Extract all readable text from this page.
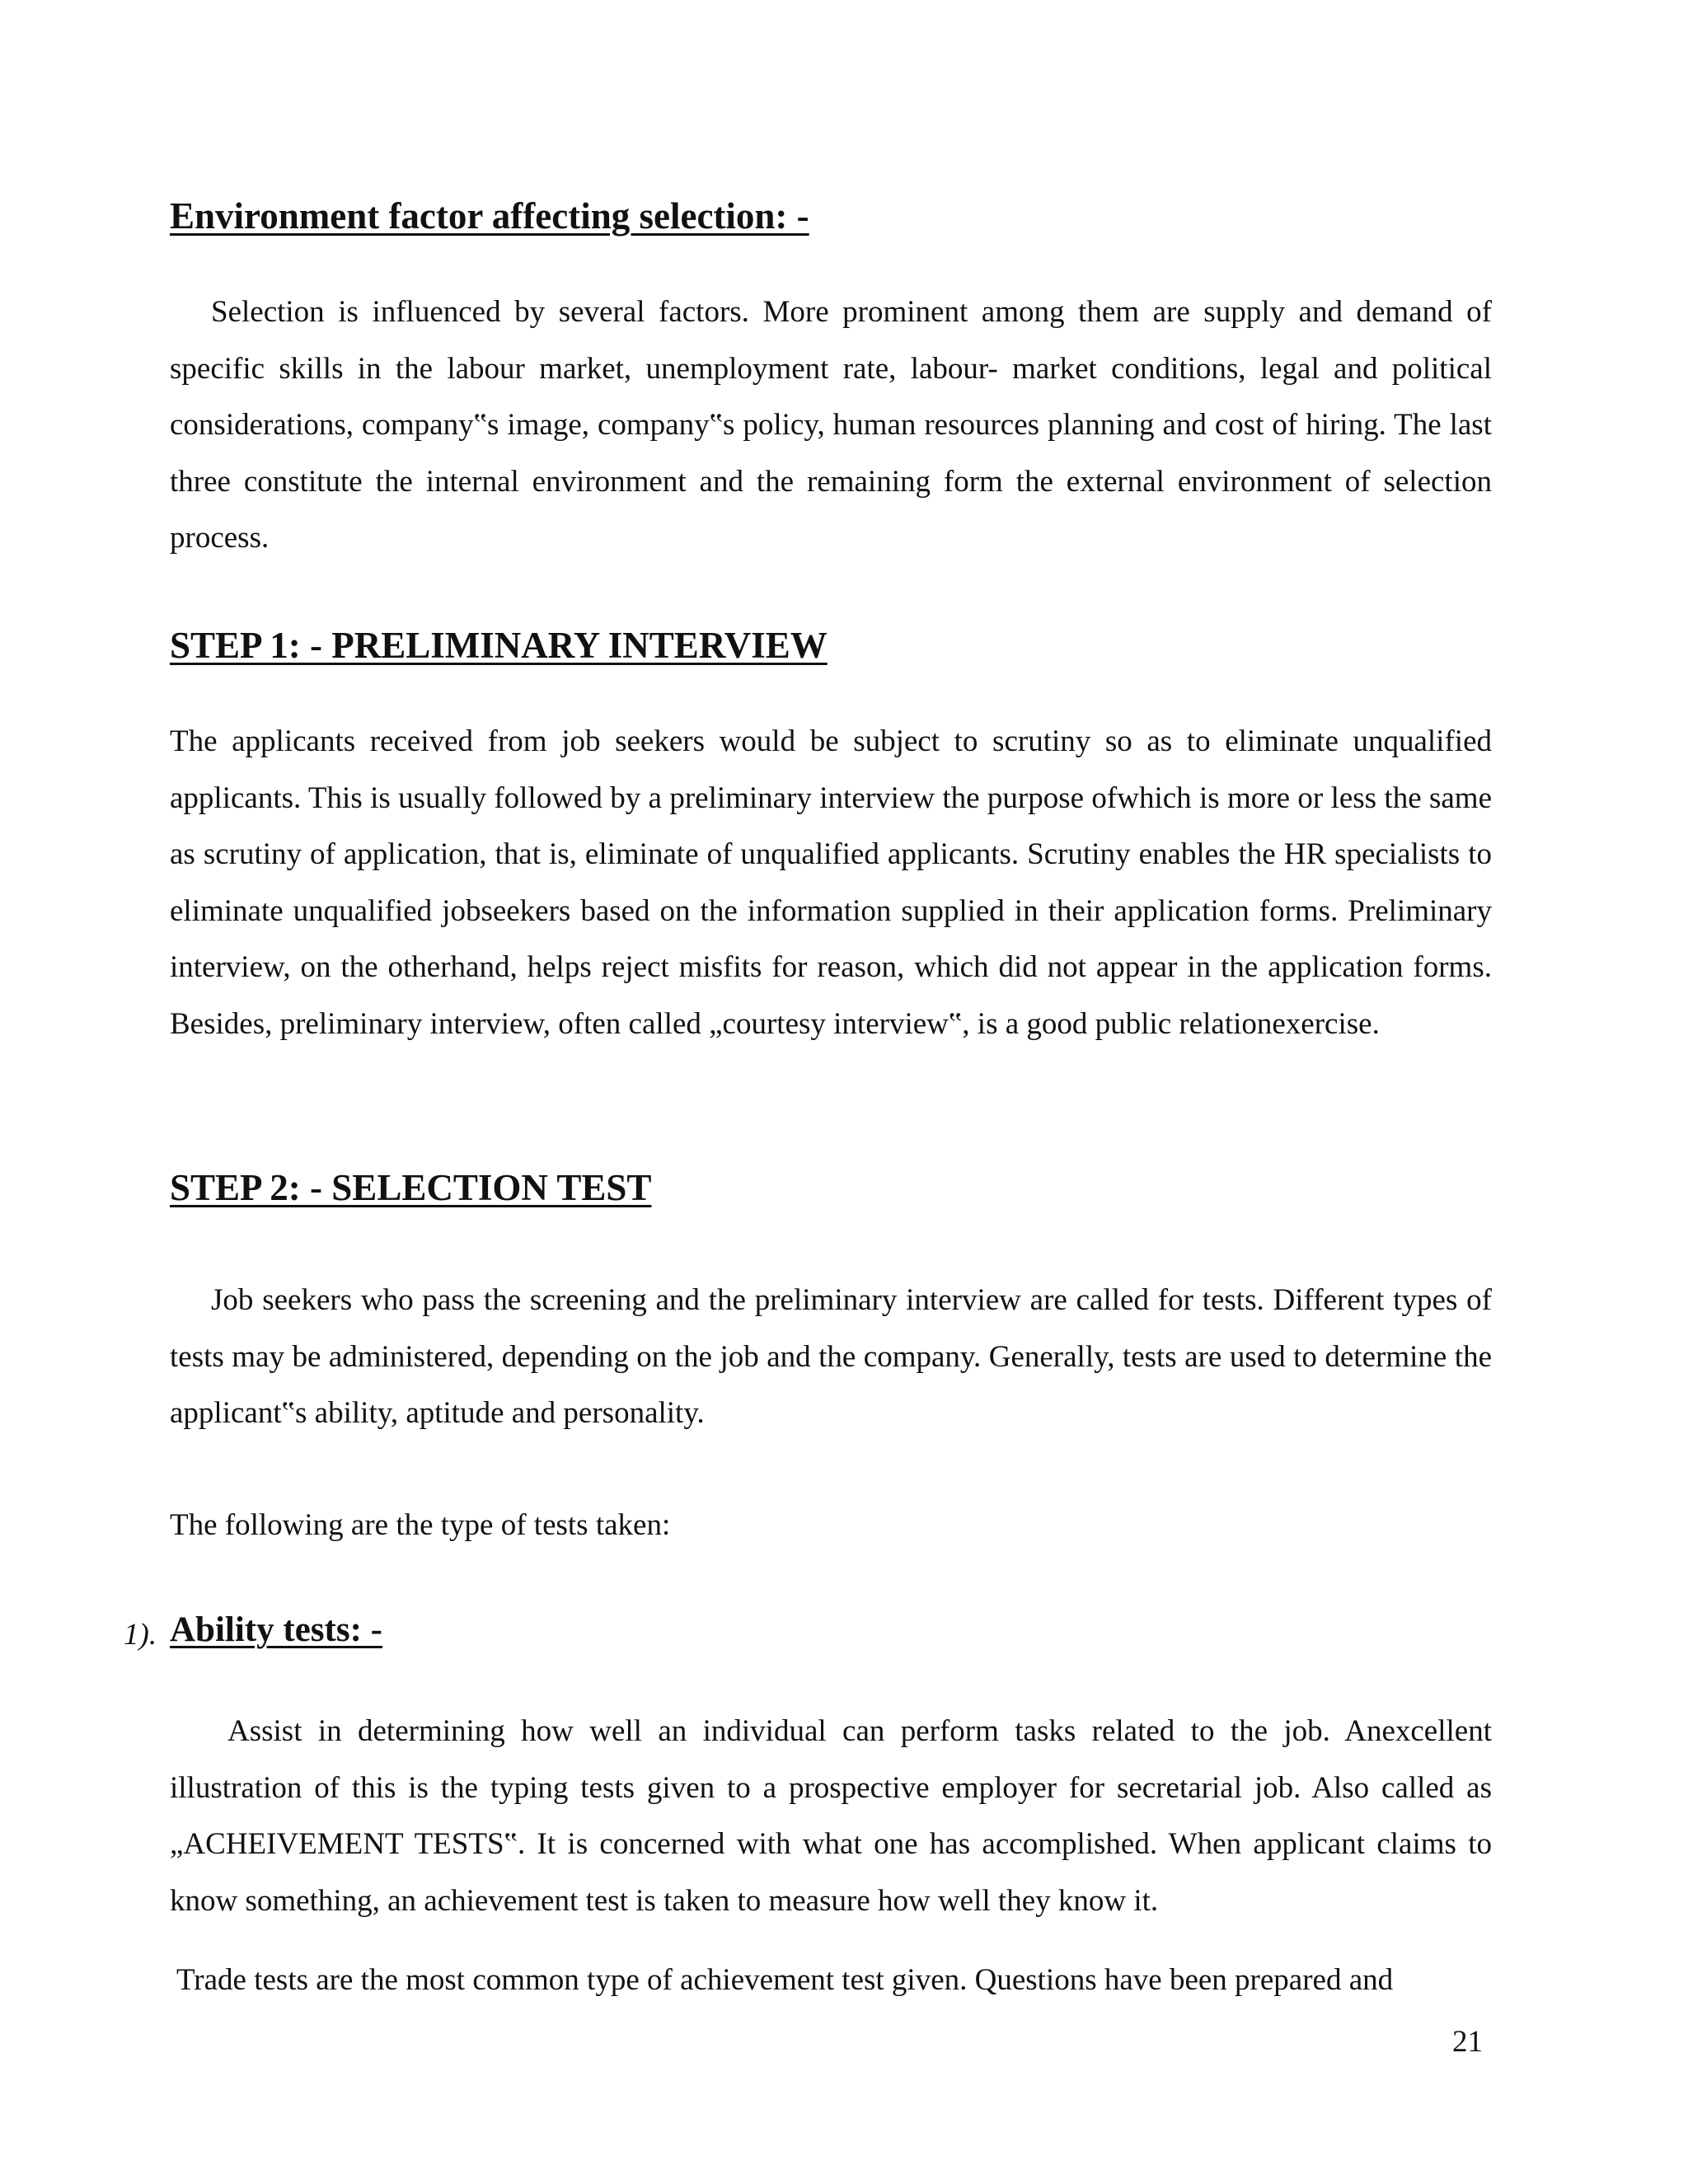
Environment factor affecting selection: -

Selection is influenced by several factors. More prominent among them are supply and demand of specific skills in the labour market, unemployment rate, labour- market conditions, legal and political considerations, company‟s image, company‟s policy, human resources planning and cost of hiring. The last three constitute the internal environment and the remaining form the external environment of selection process.

STEP 1: - PRELIMINARY INTERVIEW

The applicants received from job seekers would be subject to scrutiny so as to eliminate unqualified applicants. This is usually followed by a preliminary interview the purpose ofwhich is more or less the same as scrutiny of application, that is, eliminate of unqualified applicants. Scrutiny enables the HR specialists to eliminate unqualified jobseekers based on the information supplied in their application forms. Preliminary interview, on the otherhand, helps reject misfits for reason, which did not appear in the application forms. Besides, preliminary interview, often called „courtesy interview‟, is a good public relationexercise.

STEP 2: - SELECTION TEST

Job seekers who pass the screening and the preliminary interview are called for tests. Different types of tests may be administered, depending on the job and the company. Generally, tests are used to determine the applicant‟s ability, aptitude and personality.

The following are the type of tests taken:

1). Ability tests: -

Assist in determining how well an individual can perform tasks related to the job. Anexcellent illustration of this is the typing tests given to a prospective employer for secretarial job. Also called as „ACHEIVEMENT TESTS‟. It is concerned with what one has accomplished. When applicant claims to know something, an achievement test is taken to measure how well they know it.

Trade tests are the most common type of achievement test given. Questions have been prepared and

21
